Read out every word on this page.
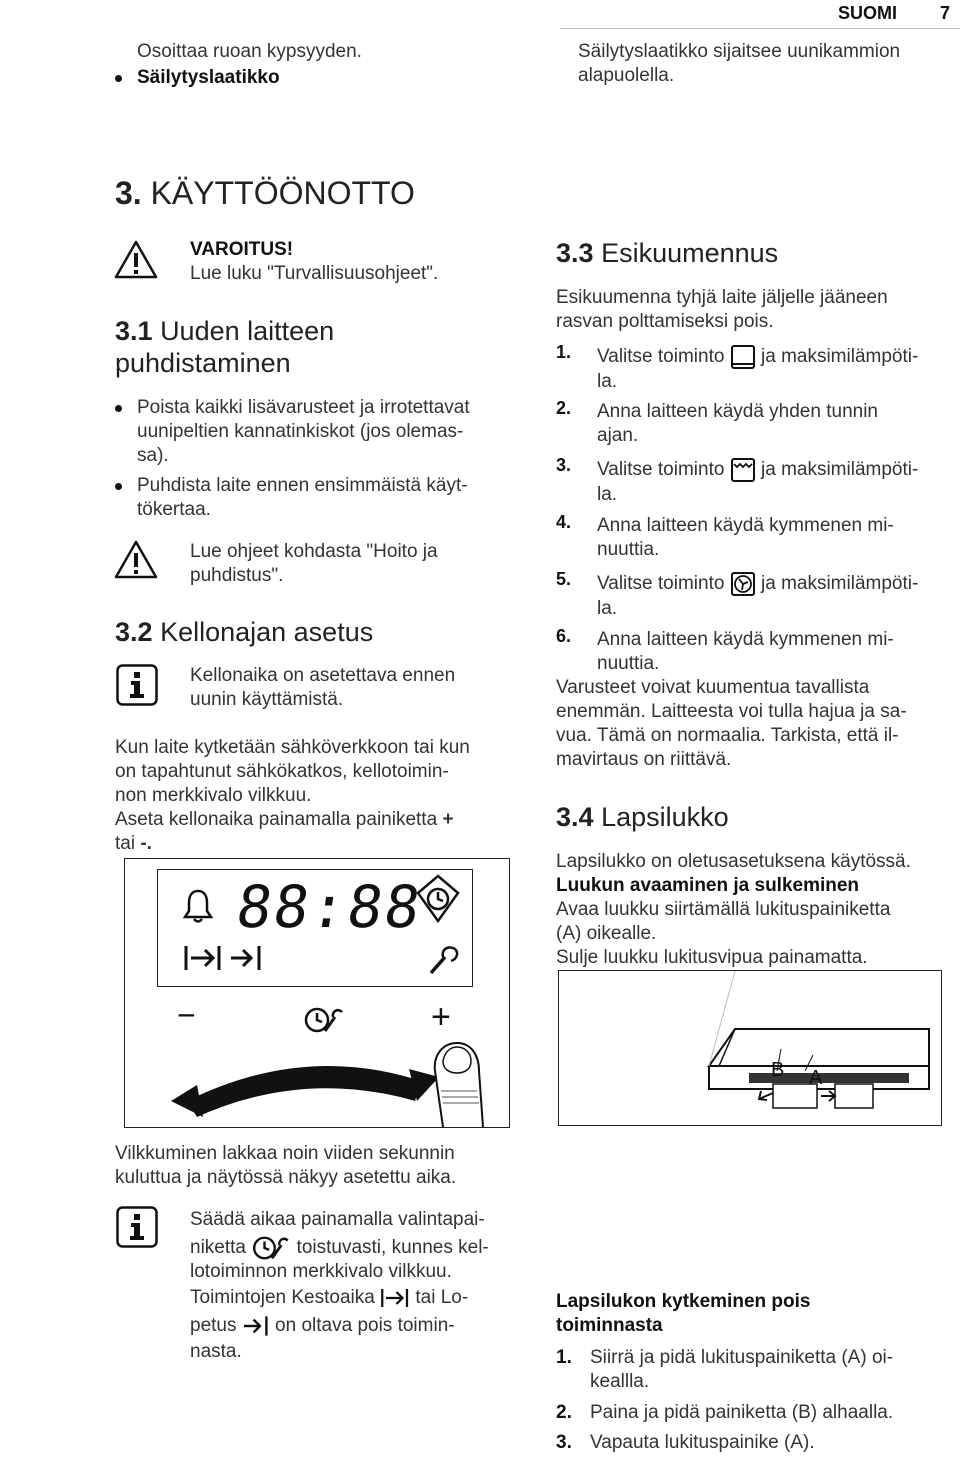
SUOMI 7
Osoittaa ruoan kypsyyden.
Säilytyslaatikko
Säilytyslaatikko sijaitsee uunikammion
alapuolella.
3. KÄYTTÖÖNOTTO
VAROITUS!
Lue luku "Turvallisuusohjeet".
3.1 Uuden laitteen
puhdistaminen
Poista kaikki lisävarusteet ja irrotettavat
uunipeltien kannatinkiskot (jos olemas-
sa).
Puhdista laite ennen ensimmäistä käyt-
tökertaa.
Lue ohjeet kohdasta "Hoito ja
puhdistus".
3.2 Kellonajan asetus
Kellonaika on asetettava ennen
uunin käyttämistä.
Kun laite kytketään sähköverkkoon tai kun
on tapahtunut sähkökatkos, kellotoimin-
non merkkivalo vilkkuu.
Aseta kellonaika painamalla painiketta +
tai -.
88:88
−	+
Vilkkuminen lakkaa noin viiden sekunnin
kuluttua ja näytössä näkyy asetettu aika.
Säädä aikaa painamalla valintapai-
niketta	toistuvasti, kunnes kel-
lotoiminnon merkkivalo vilkkuu.
Toimintojen Kestoaika tai Lo-
petus on oltava pois toimin-
nasta.
3.3 Esikuumennus
Esikuumenna tyhjä laite jäljelle jääneen
rasvan polttamiseksi pois.
1. Valitse toiminto ja maksimilämpöti-
la.
2. Anna laitteen käydä yhden tunnin
ajan.
3. Valitse toiminto ja maksimilämpöti-
la.
4. Anna laitteen käydä kymmenen mi-
nuuttia.
5. Valitse toiminto ja maksimilämpöti-
la.
6. Anna laitteen käydä kymmenen mi-
nuuttia.
Varusteet voivat kuumentua tavallista
enemmän. Laitteesta voi tulla hajua ja sa-
vua. Tämä on normaalia. Tarkista, että il-
mavirtaus on riittävä.
3.4 Lapsilukko
Lapsilukko on oletusasetuksena käytössä.
Luukun avaaminen ja sulkeminen
Avaa luukku siirtämällä lukituspainiketta
(A) oikealle.
Sulje luukku lukitusvipua painamatta.
B A
Lapsilukon kytkeminen pois
toiminnasta
1. Siirrä ja pidä lukituspainiketta (A) oi-
keallla.
2. Paina ja pidä painiketta (B) alhaalla.
3. Vapauta lukituspainike (A).
